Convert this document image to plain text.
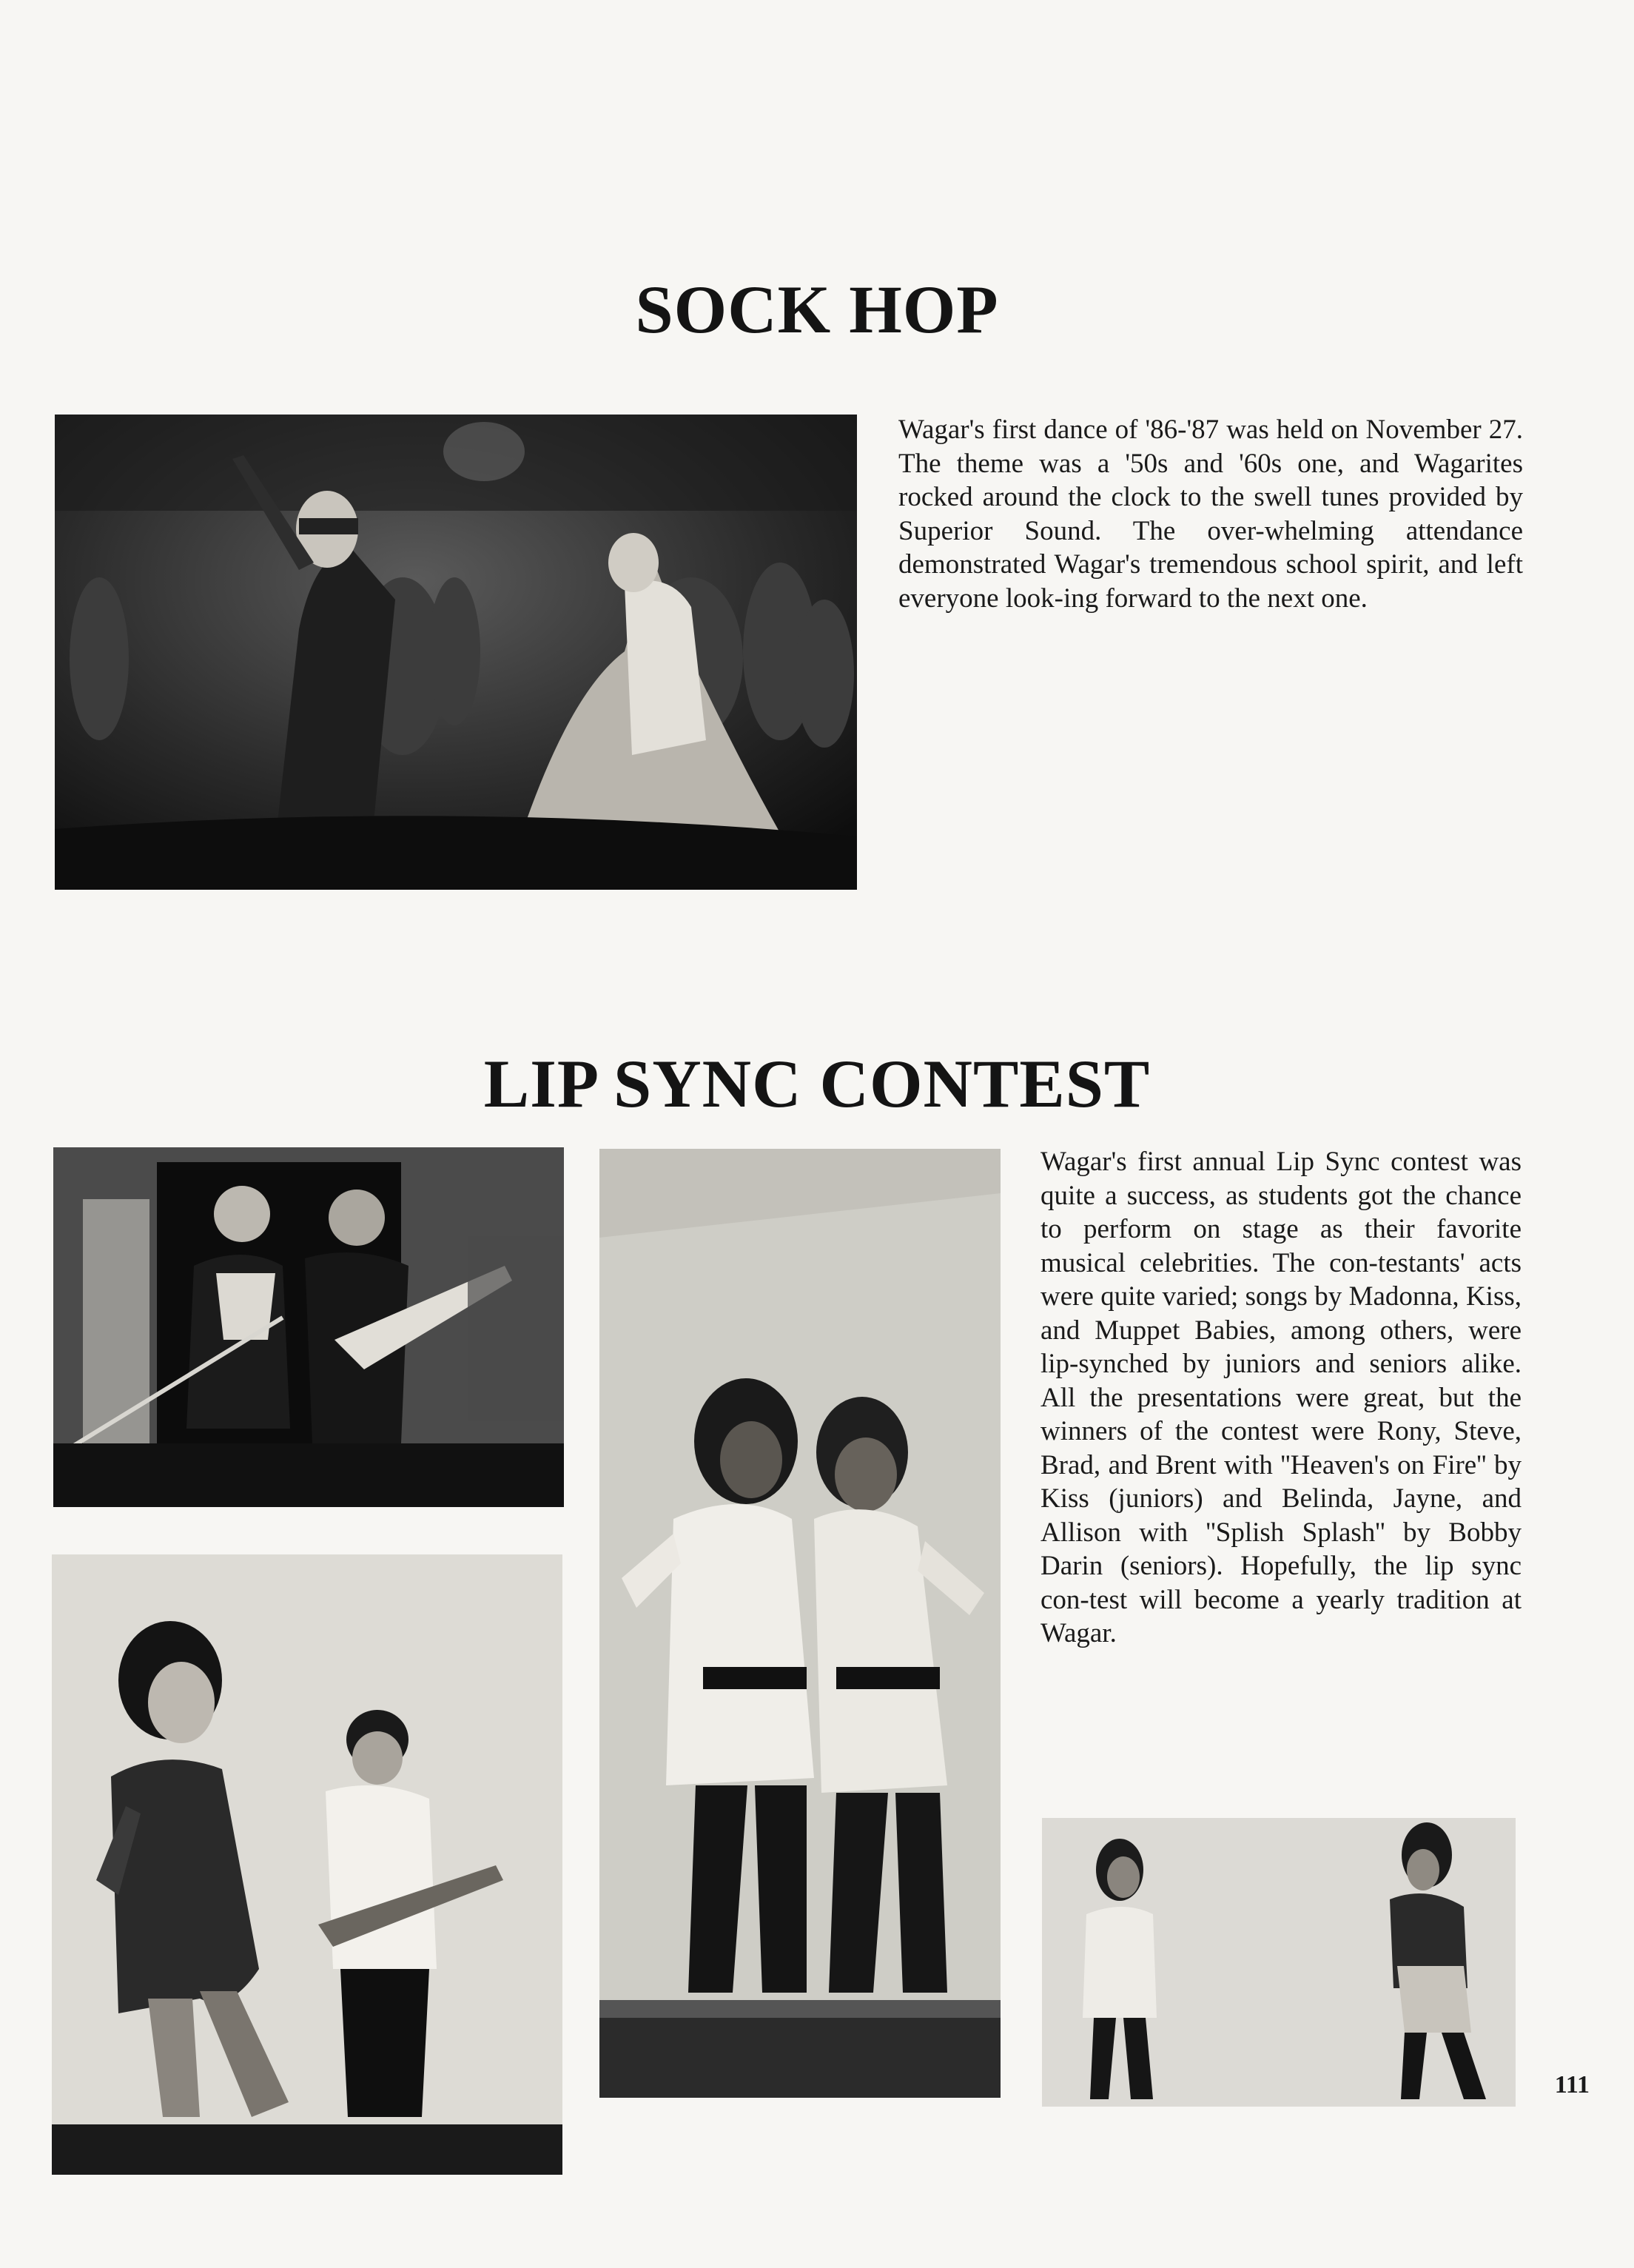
SOCK HOP

Wagar's first dance of '86-'87 was held on November 27. The theme was a '50s and '60s one, and Wagarites rocked around the clock to the swell tunes provided by Superior Sound. The over-whelming attendance demonstrated Wagar's tremendous school spirit, and left everyone look-ing forward to the next one.

LIP SYNC CONTEST

Wagar's first annual Lip Sync contest was quite a success, as students got the chance to perform on stage as their favorite musical celebrities. The con-testants' acts were quite varied; songs by Madonna, Kiss, and Muppet Babies, among others, were lip-synched by juniors and seniors alike. All the presentations were great, but the winners of the contest were Rony, Steve, Brad, and Brent with ''Heaven's on Fire'' by Kiss (juniors) and Belinda, Jayne, and Allison with ''Splish Splash'' by Bobby Darin (seniors). Hopefully, the lip sync con-test will become a yearly tradition at Wagar.

111
